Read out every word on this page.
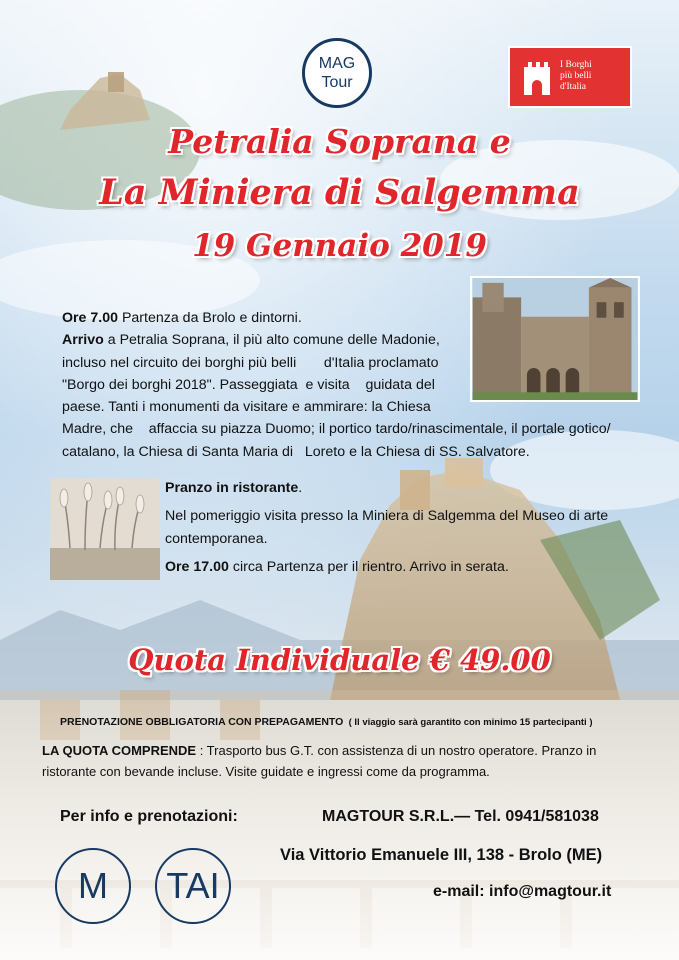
MAG
Tour
I Borghi
più belli
d'Italia
Petralia Soprana e
La Miniera di Salgemma
19 Gennaio 2019
Ore 7.00 Partenza da Brolo e dintorni.
Arrivo a Petralia Soprana, il più alto comune delle Madonie,
incluso nel circuito dei borghi più belli       d'Italia proclamato
"Borgo dei borghi 2018". Passeggiata  e visita    guidata del
paese. Tanti i monumenti da visitare e ammirare: la Chiesa
Madre, che    affaccia su piazza Duomo; il portico tardo/rinascimentale, il portale gotico/
catalano, la Chiesa di Santa Maria di   Loreto e la Chiesa di SS. Salvatore.

Pranzo in ristorante.

Nel pomeriggio visita presso la Miniera di Salgemma del Museo di arte contemporanea.

Ore 17.00 circa Partenza per il rientro. Arrivo in serata.

Quota Individuale € 49.00
PRENOTAZIONE OBBLIGATORIA CON PREPAGAMENTO  ( Il viaggio sarà garantito con minimo 15 partecipanti )
LA QUOTA COMPRENDE : Trasporto bus G.T. con assistenza di un nostro operatore. Pranzo in ristorante con bevande incluse. Visite guidate e ingressi come da programma.
Per info e prenotazioni:	MAGTOUR S.R.L.— Tel. 0941/581038
Via Vittorio Emanuele III, 138 - Brolo (ME)
e-mail: info@magtour.it
M	TAI
